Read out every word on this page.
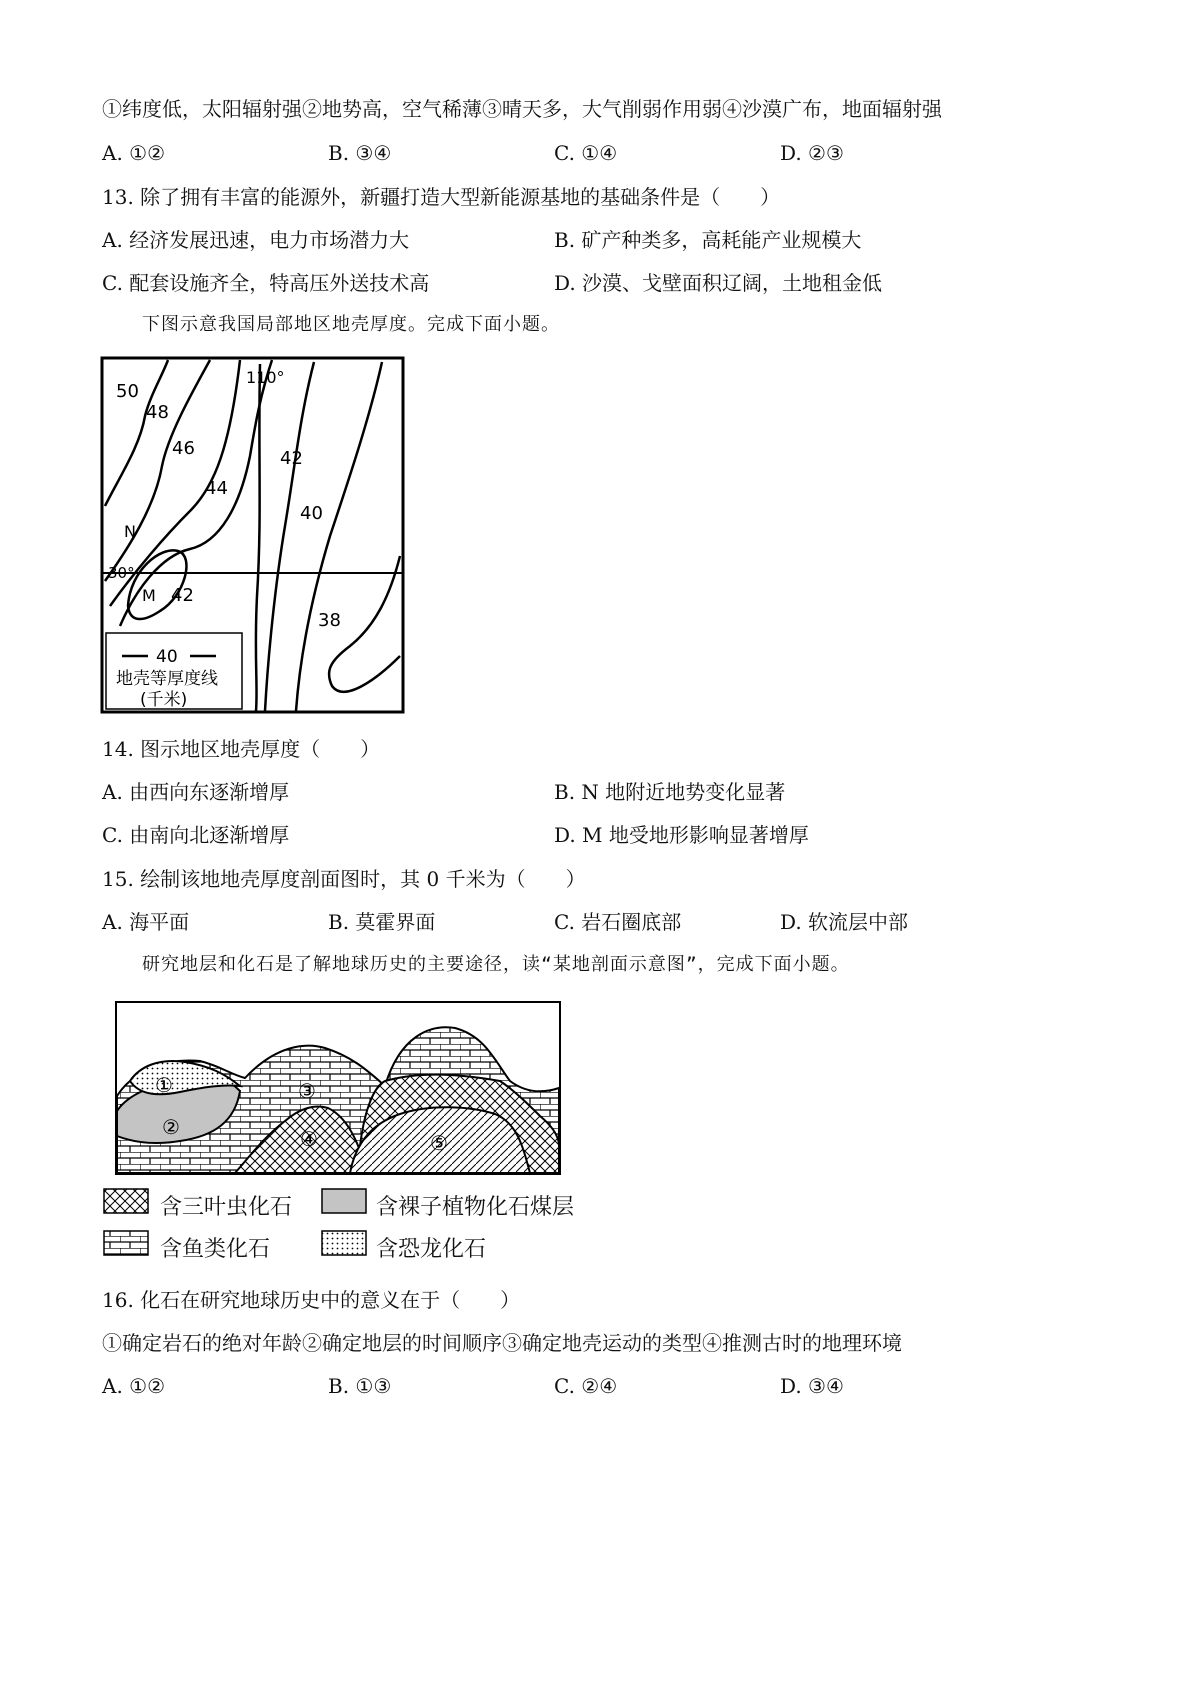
①纬度低，太阳辐射强②地势高，空气稀薄③晴天多，大气削弱作用弱④沙漠广布，地面辐射强
A. ①②	B. ③④	C. ①④	D. ②③
13. 除了拥有丰富的能源外，新疆打造大型新能源基地的基础条件是（　　）
A. 经济发展迅速，电力市场潜力大	B. 矿产种类多，高耗能产业规模大
C. 配套设施齐全，特高压外送技术高	D. 沙漠、戈壁面积辽阔，土地租金低
下图示意我国局部地区地壳厚度。完成下面小题。
50
48
46
44
42
40
42
38
110°
30°
N
M
40
地壳等厚度线
(千米)
14. 图示地区地壳厚度（　　）
A. 由西向东逐渐增厚	B. N 地附近地势变化显著
C. 由南向北逐渐增厚	D. M 地受地形影响显著增厚
15. 绘制该地地壳厚度剖面图时，其 0 千米为（　　）
A. 海平面	B. 莫霍界面	C. 岩石圈底部	D. 软流层中部
研究地层和化石是了解地球历史的主要途径，读“某地剖面示意图”，完成下面小题。
①
②
③
④	⑤
含三叶虫化石	含裸子植物化石煤层
含鱼类化石	含恐龙化石
16. 化石在研究地球历史中的意义在于（　　）
①确定岩石的绝对年龄②确定地层的时间顺序③确定地壳运动的类型④推测古时的地理环境
A. ①②	B. ①③	C. ②④	D. ③④
